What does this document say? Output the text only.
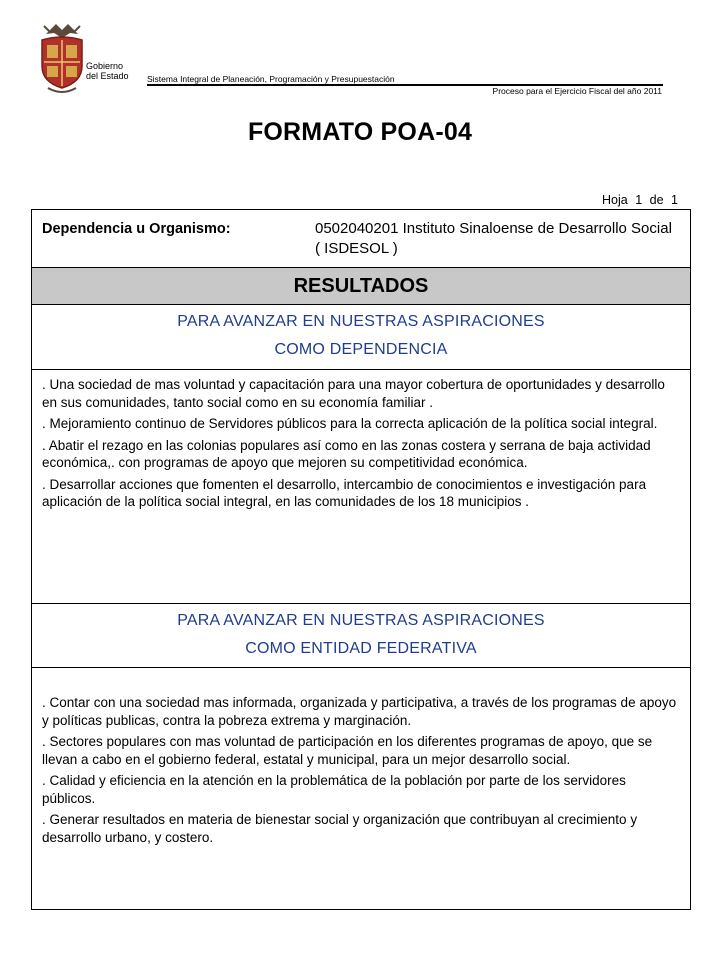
Gobierno
del Estado Sistema Integral de Planeación, Programación y Presupuestación
Proceso para el Ejercicio Fiscal del año 2011
FORMATO POA-04
Hoja 1 de 1
Dependencia u Organismo:	0502040201 Instituto Sinaloense de Desarrollo Social ( ISDESOL )
RESULTADOS
PARA AVANZAR EN NUESTRAS ASPIRACIONES
COMO DEPENDENCIA

. Una sociedad de mas voluntad y capacitación para una mayor cobertura de oportunidades y desarrollo en sus comunidades, tanto social como en su economía familiar .

. Mejoramiento continuo de Servidores públicos para la correcta aplicación de la política social integral.

. Abatir el rezago en las colonias populares así como en las zonas costera y serrana de baja actividad económica,. con programas de apoyo que mejoren su competitividad económica.

. Desarrollar acciones que fomenten el desarrollo, intercambio de conocimientos e investigación para aplicación de la política social integral, en las comunidades de los 18 municipios .

PARA AVANZAR EN NUESTRAS ASPIRACIONES
COMO ENTIDAD FEDERATIVA

. Contar con una sociedad mas informada, organizada y participativa, a través de los programas de apoyo y políticas publicas, contra la pobreza extrema y marginación.

. Sectores populares con mas voluntad de participación en los diferentes programas de apoyo, que se llevan a cabo en el gobierno federal, estatal y municipal, para un mejor desarrollo social.

. Calidad y eficiencia en la atención en la problemática de la población por parte de los servidores públicos.

. Generar resultados en materia de bienestar social y organización que contribuyan al crecimiento y desarrollo urbano, y costero.
